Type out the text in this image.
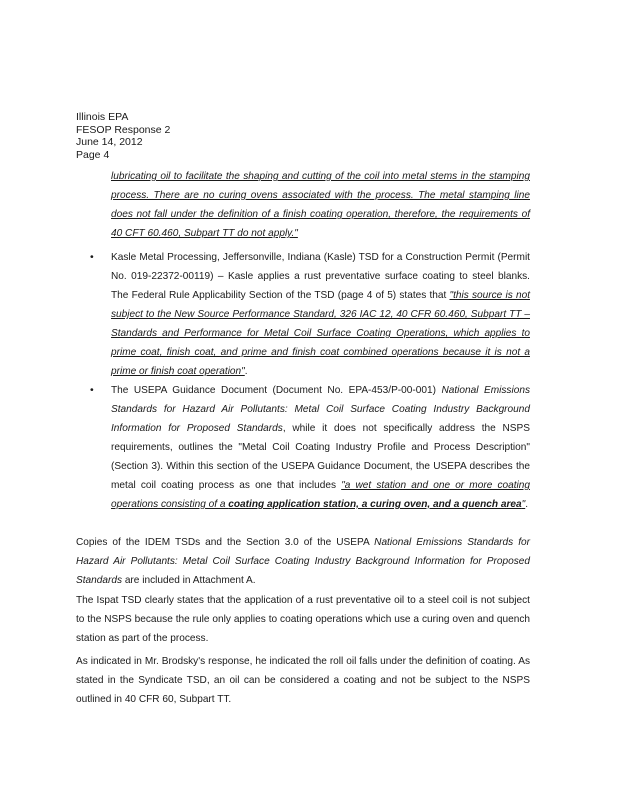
Illinois EPA
FESOP Response 2
June 14, 2012
Page 4

lubricating oil to facilitate the shaping and cutting of the coil into metal stems in the stamping process. There are no curing ovens associated with the process. The metal stamping line does not fall under the definition of a finish coating operation, therefore, the requirements of 40 CFT 60.460, Subpart TT do not apply."

• Kasle Metal Processing, Jeffersonville, Indiana (Kasle) TSD for a Construction Permit (Permit No. 019-22372-00119) – Kasle applies a rust preventative surface coating to steel blanks. The Federal Rule Applicability Section of the TSD (page 4 of 5) states that "this source is not subject to the New Source Performance Standard, 326 IAC 12, 40 CFR 60.460, Subpart TT – Standards and Performance for Metal Coil Surface Coating Operations, which applies to prime coat, finish coat, and prime and finish coat combined operations because it is not a prime or finish coat operation".

• The USEPA Guidance Document (Document No. EPA-453/P-00-001) National Emissions Standards for Hazard Air Pollutants: Metal Coil Surface Coating Industry Background Information for Proposed Standards, while it does not specifically address the NSPS requirements, outlines the "Metal Coil Coating Industry Profile and Process Description" (Section 3). Within this section of the USEPA Guidance Document, the USEPA describes the metal coil coating process as one that includes "a wet station and one or more coating operations consisting of a coating application station, a curing oven, and a quench area".

Copies of the IDEM TSDs and the Section 3.0 of the USEPA National Emissions Standards for Hazard Air Pollutants: Metal Coil Surface Coating Industry Background Information for Proposed Standards are included in Attachment A.

The Ispat TSD clearly states that the application of a rust preventative oil to a steel coil is not subject to the NSPS because the rule only applies to coating operations which use a curing oven and quench station as part of the process.

As indicated in Mr. Brodsky's response, he indicated the roll oil falls under the definition of coating. As stated in the Syndicate TSD, an oil can be considered a coating and not be subject to the NSPS outlined in 40 CFR 60, Subpart TT.
